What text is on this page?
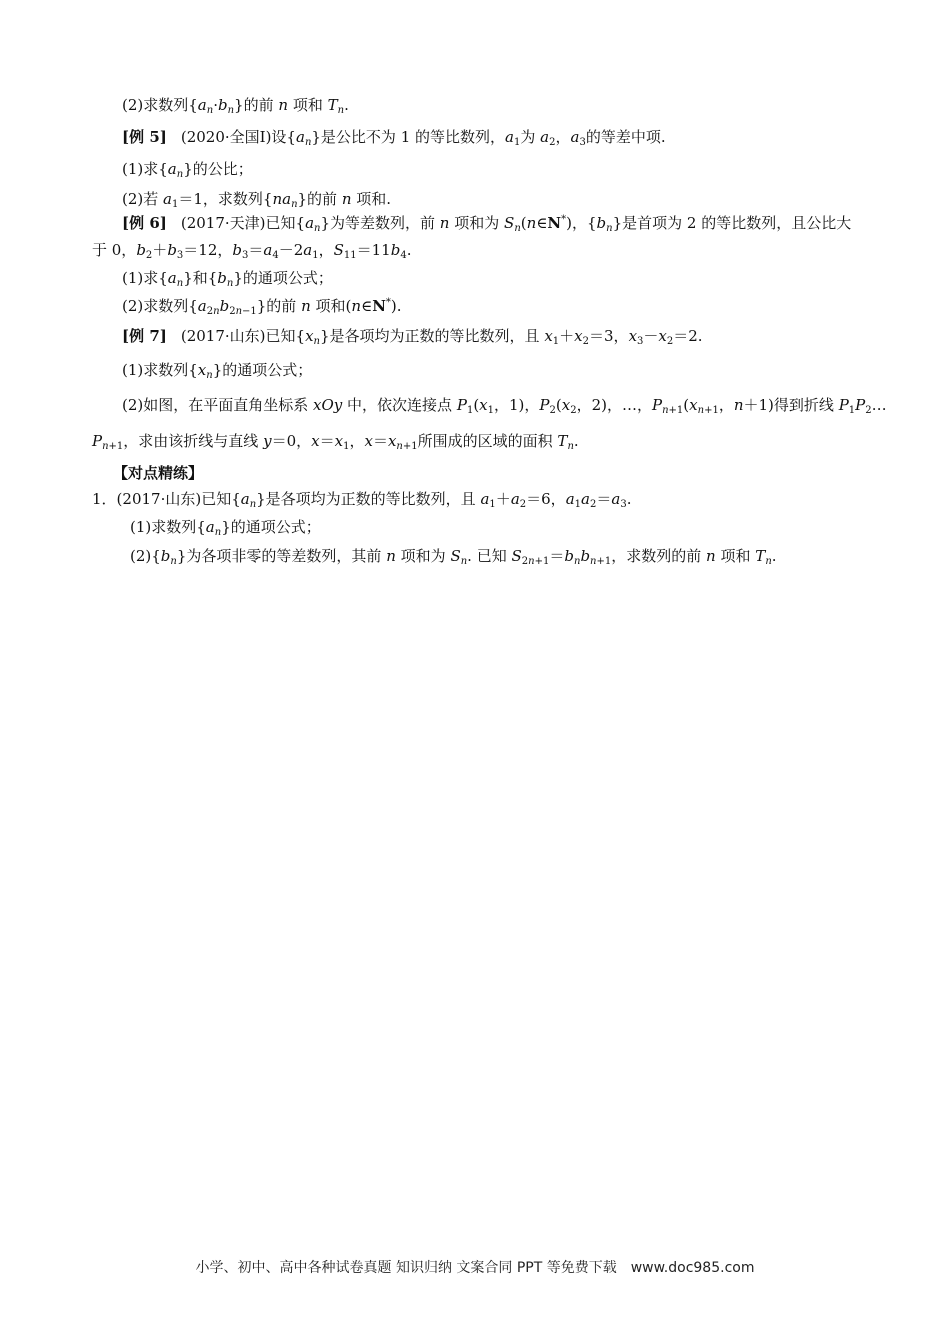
(2)求数列$\{a_n\cdot b_n\}$的前 n 项和 $T_n$.
[例 5] (2020·全国Ⅰ)设$\{a_n\}$是公比不为 1 的等比数列，$a_1$为 $a_2$，$a_3$的等差中项.
(1)求$\{a_n\}$的公比；
(2)若 $a_1=1$，求数列$\{na_n\}$的前 n 项和.
[例 6] (2017·天津)已知$\{a_n\}$为等差数列，前 n 项和为 $S_n(n\in N^*)$，$\{b_n\}$是首项为 2 的等比数列，且公比大
于 0，$b_2+b_3=12$，$b_3=a_4-2a_1$，$S_{11}=11b_4$.
(1)求$\{a_n\}$和$\{b_n\}$的通项公式；
(2)求数列$\{a_{2n}b_{2n-1}\}$的前 n 项和(n∈N*).
[例 7] (2017·山东)已知$\{x_n\}$是各项均为正数的等比数列，且 $x_1+x_2=3$，$x_3-x_2=2$.
(1)求数列$\{x_n\}$的通项公式；
(2)如图，在平面直角坐标系 xOy 中，依次连接点 $P_1(x_1$，1)，$P_2(x_2$，2)，…，$P_{n+1}(x_{n+1}$，n＋1)得到折线 $P_1P_2\dots$
$P_{n+1}$，求由该折线与直线 y＝0，$x=x_1$，$x=x_{n+1}$所围成的区域的面积 $T_n$.
【对点精练】
1．(2017·山东)已知$\{a_n\}$是各项均为正数的等比数列，且 $a_1+a_2=6$，$a_1a_2=a_3$.
(1)求数列$\{a_n\}$的通项公式；
$(2)\{b_n\}$为各项非零的等差数列，其前 n 项和为 $S_n$. 已知 $S_{2n+1}=b_nb_{n+1}$，求数列的前 n 项和 $T_n$.
小学、初中、高中各种试卷真题 知识归纳 文案合同 PPT 等免费下载　www.doc985.com
